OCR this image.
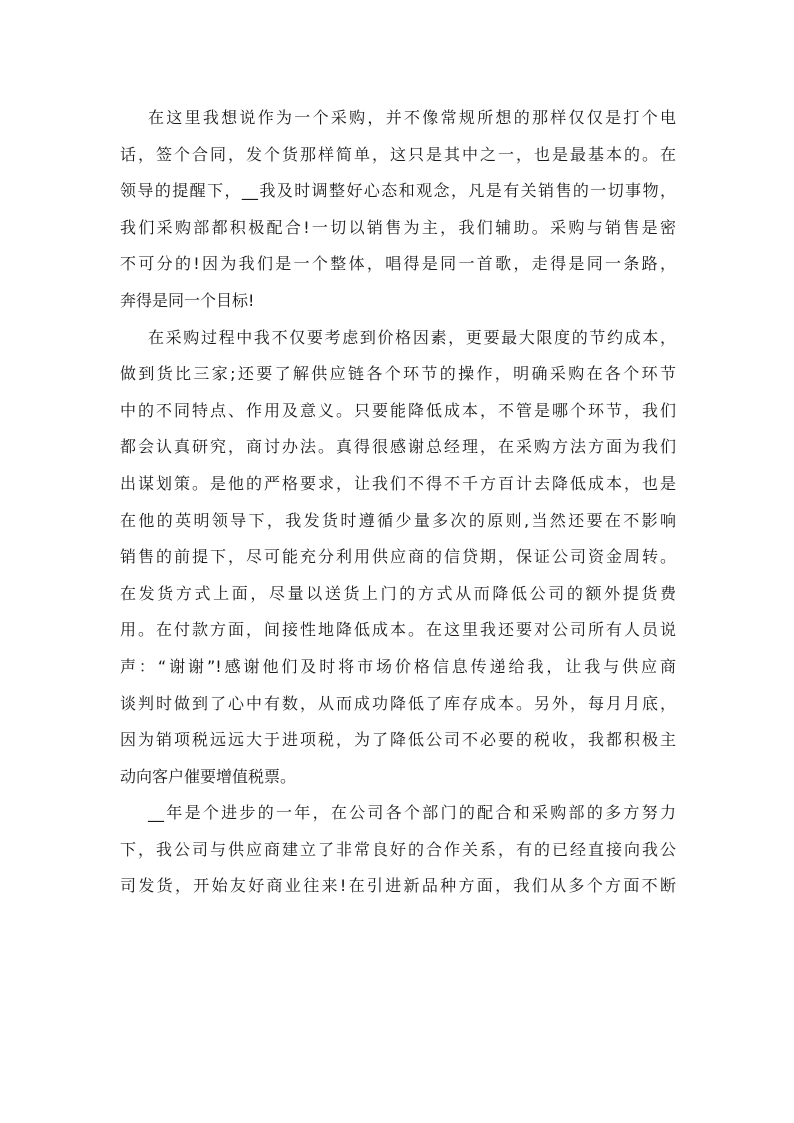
在这里我想说作为一个采购，并不像常规所想的那样仅仅是打个电
话，签个合同，发个货那样简单，这只是其中之一，也是最基本的。在
领导的提醒下，__我及时调整好心态和观念，凡是有关销售的一切事物，
我们采购部都积极配合!一切以销售为主，我们辅助。采购与销售是密
不可分的!因为我们是一个整体，唱得是同一首歌，走得是同一条路，
奔得是同一个目标!
在采购过程中我不仅要考虑到价格因素，更要最大限度的节约成本，
做到货比三家;还要了解供应链各个环节的操作，明确采购在各个环节
中的不同特点、作用及意义。只要能降低成本，不管是哪个环节，我们
都会认真研究，商讨办法。真得很感谢总经理，在采购方法方面为我们
出谋划策。是他的严格要求，让我们不得不千方百计去降低成本，也是
在他的英明领导下，我发货时遵循少量多次的原则,当然还要在不影响
销售的前提下，尽可能充分利用供应商的信贷期，保证公司资金周转。
在发货方式上面，尽量以送货上门的方式从而降低公司的额外提货费
用。在付款方面，间接性地降低成本。在这里我还要对公司所有人员说
声：“谢谢”!感谢他们及时将市场价格信息传递给我，让我与供应商
谈判时做到了心中有数，从而成功降低了库存成本。另外，每月月底，
因为销项税远远大于进项税，为了降低公司不必要的税收，我都积极主
动向客户催要增值税票。
__年是个进步的一年，在公司各个部门的配合和采购部的多方努力
下，我公司与供应商建立了非常良好的合作关系，有的已经直接向我公
司发货，开始友好商业往来!在引进新品种方面，我们从多个方面不断
